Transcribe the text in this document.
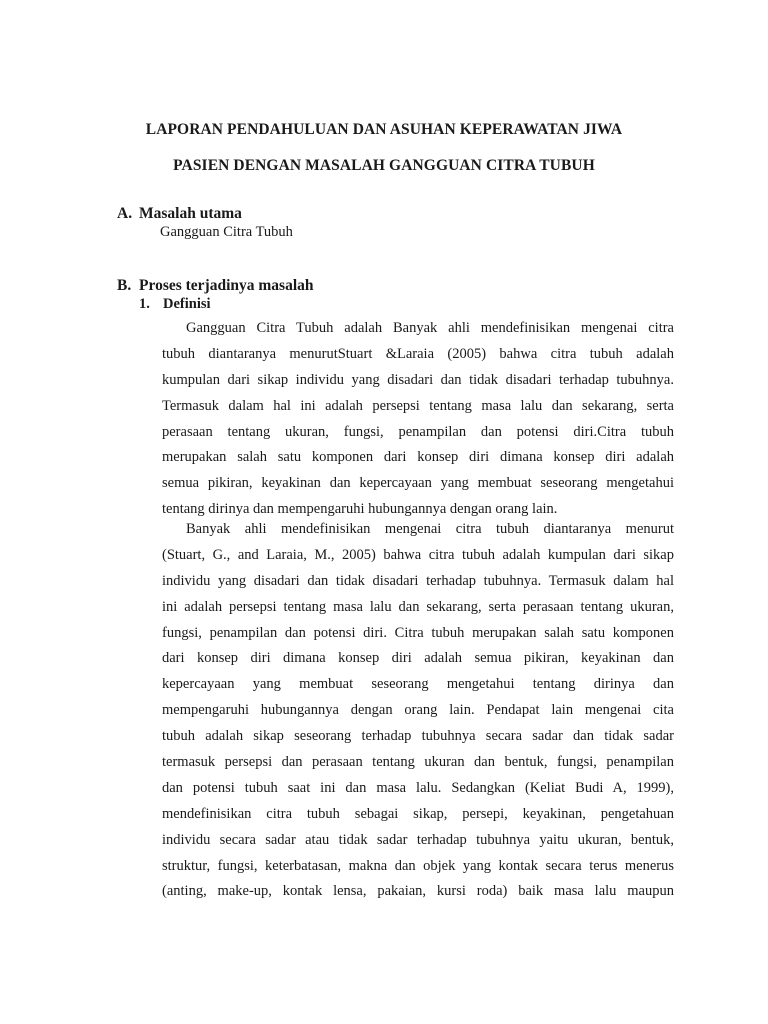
LAPORAN PENDAHULUAN DAN ASUHAN KEPERAWATAN JIWA
PASIEN DENGAN MASALAH GANGGUAN CITRA TUBUH
A. Masalah utama
Gangguan Citra Tubuh
B. Proses terjadinya masalah
1. Definisi
Gangguan Citra Tubuh adalah Banyak ahli mendefinisikan mengenai citra
tubuh diantaranya menurutStuart &Laraia (2005) bahwa citra tubuh adalah
kumpulan dari sikap individu yang disadari dan tidak disadari terhadap tubuhnya.
Termasuk dalam hal ini adalah persepsi tentang masa lalu dan sekarang, serta
perasaan tentang ukuran, fungsi, penampilan dan potensi diri.Citra tubuh
merupakan salah satu komponen dari konsep diri dimana konsep diri adalah
semua pikiran, keyakinan dan kepercayaan yang membuat seseorang mengetahui
tentang dirinya dan mempengaruhi hubungannya dengan orang lain.
Banyak ahli mendefinisikan mengenai citra tubuh diantaranya menurut
(Stuart, G., and Laraia, M., 2005) bahwa citra tubuh adalah kumpulan dari sikap
individu yang disadari dan tidak disadari terhadap tubuhnya. Termasuk dalam hal
ini adalah persepsi tentang masa lalu dan sekarang, serta perasaan tentang ukuran,
fungsi, penampilan dan potensi diri. Citra tubuh merupakan salah satu komponen
dari konsep diri dimana konsep diri adalah semua pikiran, keyakinan dan
kepercayaan yang membuat seseorang mengetahui tentang dirinya dan
mempengaruhi hubungannya dengan orang lain. Pendapat lain mengenai cita
tubuh adalah sikap seseorang terhadap tubuhnya secara sadar dan tidak sadar
termasuk persepsi dan perasaan tentang ukuran dan bentuk, fungsi, penampilan
dan potensi tubuh saat ini dan masa lalu. Sedangkan (Keliat Budi A, 1999),
mendefinisikan citra tubuh sebagai sikap, persepi, keyakinan, pengetahuan
individu secara sadar atau tidak sadar terhadap tubuhnya yaitu ukuran, bentuk,
struktur, fungsi, keterbatasan, makna dan objek yang kontak secara terus menerus
(anting, make-up, kontak lensa, pakaian, kursi roda) baik masa lalu maupun
